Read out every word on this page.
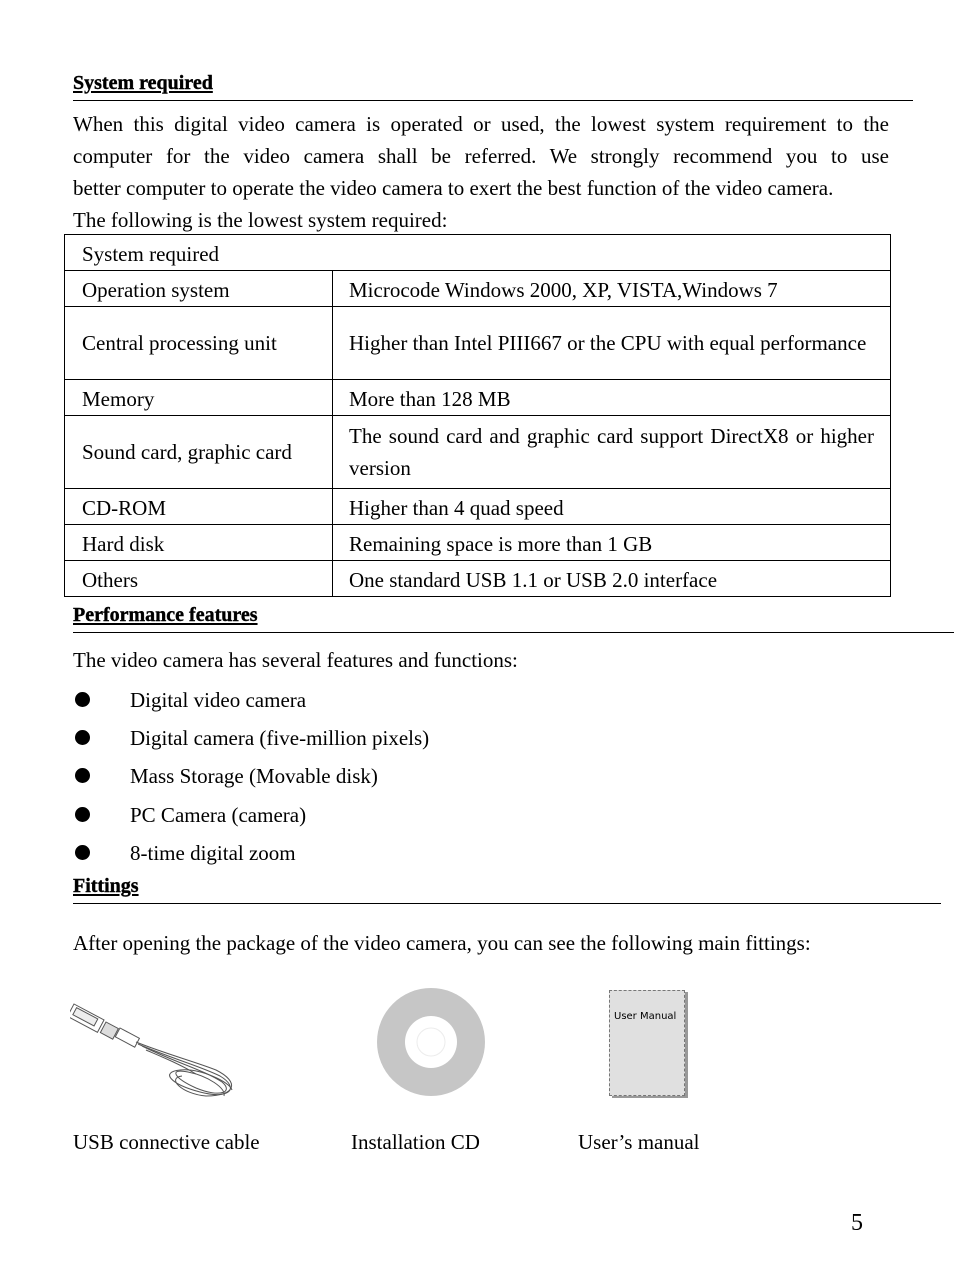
System required
When this digital video camera is operated or used, the lowest system requirement to the
computer for the video camera shall be referred. We strongly recommend you to use
better computer to operate the video camera to exert the best function of the video camera.
The following is the lowest system required:
System required	
Operation system	Microcode Windows 2000, XP, VISTA,Windows 7
Central processing unit	Higher than Intel PIII667 or the CPU with equal performance
Memory	More than 128 MB
Sound card, graphic card	The sound card and graphic card support DirectX8 or higher version
CD-ROM	Higher than 4 quad speed
Hard disk	Remaining space is more than 1 GB
Others	One standard USB 1.1 or USB 2.0 interface
Performance features
The video camera has several features and functions:
Digital video camera
Digital camera (five-million pixels)
Mass Storage (Movable disk)
PC Camera (camera)
8-time digital zoom
Fittings
After opening the package of the video camera, you can see the following main fittings:
User Manual
USB connective cable	Installation CD	User’s manual
5
